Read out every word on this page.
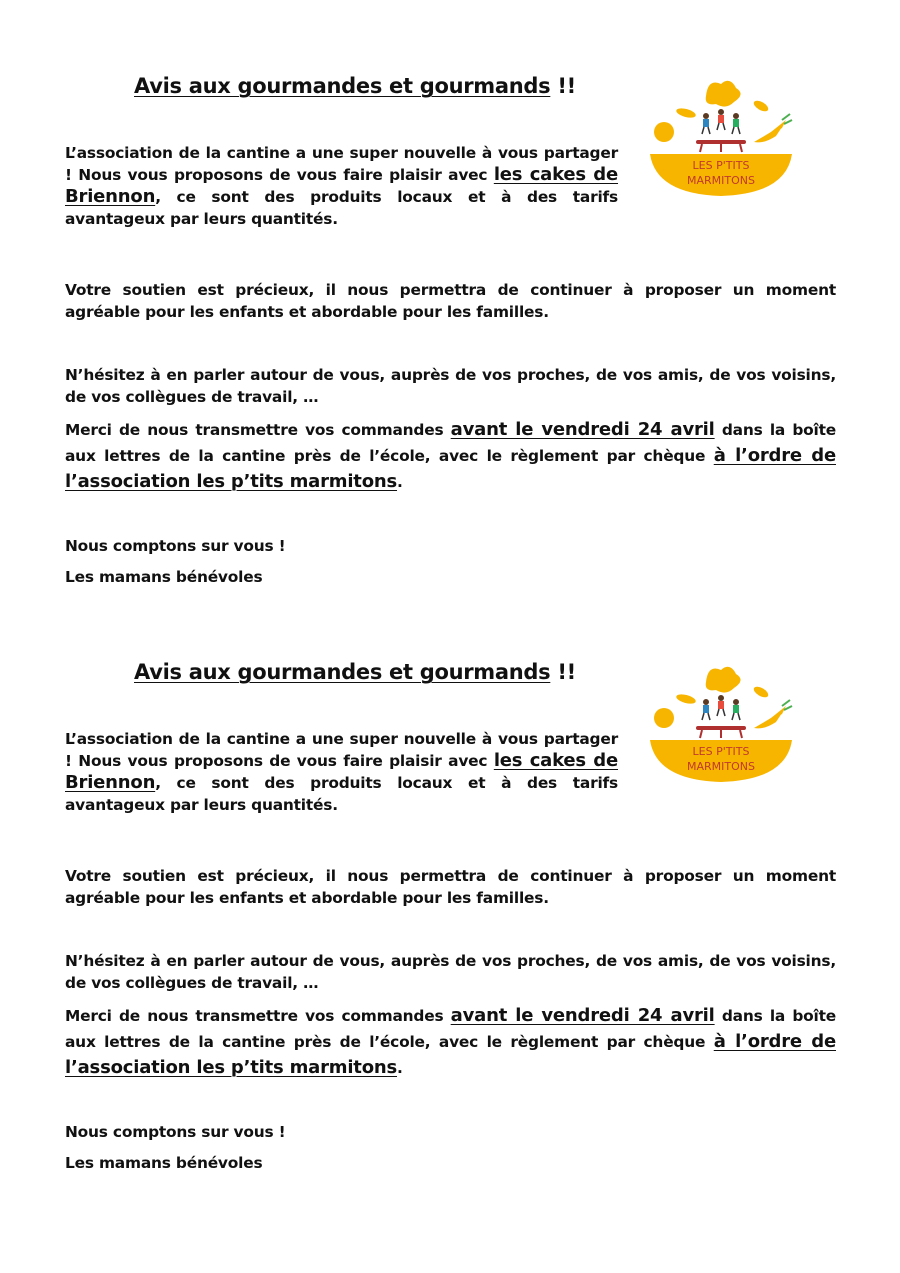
Avis aux gourmandes et gourmands !!
LES P'TITS
MARMITONS

L’association de la cantine a une super nouvelle à vous partager ! Nous vous proposons de vous faire plaisir avec les cakes de Briennon, ce sont des produits locaux et à des tarifs avantageux par leurs quantités.

Votre soutien est précieux, il nous permettra de continuer à proposer un moment agréable pour les enfants et abordable pour les familles.

N’hésitez à en parler autour de vous, auprès de vos proches, de vos amis, de vos voisins, de vos collègues de travail, …

Merci de nous transmettre vos commandes avant le vendredi 24 avril dans la boîte aux lettres de la cantine près de l’école, avec le règlement par chèque à l’ordre de l’association les p’tits marmitons.

Nous comptons sur vous !

Les mamans bénévoles

Avis aux gourmandes et gourmands !!
LES P'TITS
MARMITONS

L’association de la cantine a une super nouvelle à vous partager ! Nous vous proposons de vous faire plaisir avec les cakes de Briennon, ce sont des produits locaux et à des tarifs avantageux par leurs quantités.

Votre soutien est précieux, il nous permettra de continuer à proposer un moment agréable pour les enfants et abordable pour les familles.

N’hésitez à en parler autour de vous, auprès de vos proches, de vos amis, de vos voisins, de vos collègues de travail, …

Merci de nous transmettre vos commandes avant le vendredi 24 avril dans la boîte aux lettres de la cantine près de l’école, avec le règlement par chèque à l’ordre de l’association les p’tits marmitons.

Nous comptons sur vous !

Les mamans bénévoles
